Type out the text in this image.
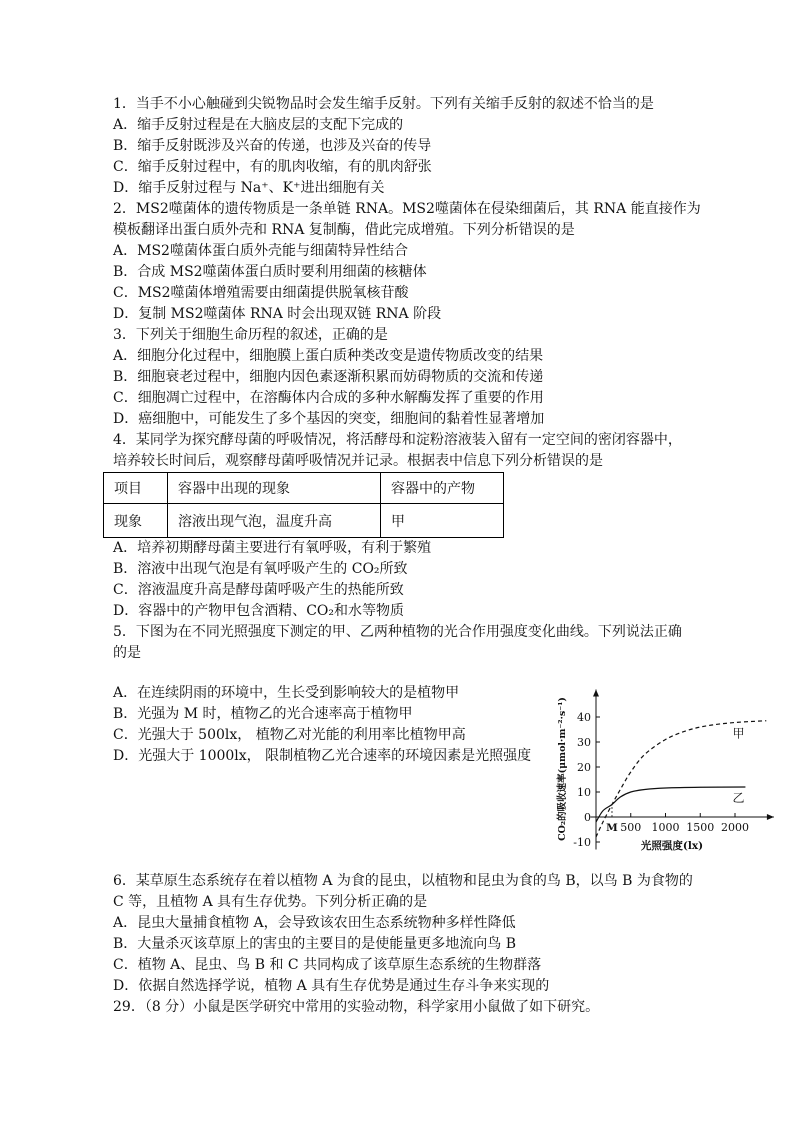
1．当手不小心触碰到尖锐物品时会发生缩手反射。下列有关缩手反射的叙述不恰当的是
A．缩手反射过程是在大脑皮层的支配下完成的
B．缩手反射既涉及兴奋的传递，也涉及兴奋的传导
C．缩手反射过程中，有的肌肉收缩，有的肌肉舒张
D．缩手反射过程与 Na⁺、K⁺进出细胞有关
2．MS2噬菌体的遗传物质是一条单链 RNA。MS2噬菌体在侵染细菌后，其 RNA 能直接作为
模板翻译出蛋白质外壳和 RNA 复制酶，借此完成增殖。下列分析错误的是
A．MS2噬菌体蛋白质外壳能与细菌特异性结合
B．合成 MS2噬菌体蛋白质时要利用细菌的核糖体
C．MS2噬菌体增殖需要由细菌提供脱氧核苷酸
D．复制 MS2噬菌体 RNA 时会出现双链 RNA 阶段
3．下列关于细胞生命历程的叙述，正确的是
A．细胞分化过程中，细胞膜上蛋白质种类改变是遗传物质改变的结果
B．细胞衰老过程中，细胞内因色素逐渐积累而妨碍物质的交流和传递
C．细胞凋亡过程中，在溶酶体内合成的多种水解酶发挥了重要的作用
D．癌细胞中，可能发生了多个基因的突变，细胞间的黏着性显著增加
4．某同学为探究酵母菌的呼吸情况，将活酵母和淀粉溶液装入留有一定空间的密闭容器中，
培养较长时间后，观察酵母菌呼吸情况并记录。根据表中信息下列分析错误的是
项目	容器中出现的现象	容器中的产物
现象	溶液出现气泡，温度升高	甲
A．培养初期酵母菌主要进行有氧呼吸，有利于繁殖
B．溶液中出现气泡是有氧呼吸产生的 CO₂所致
C．溶液温度升高是酵母菌呼吸产生的热能所致
D．容器中的产物甲包含酒精、CO₂和水等物质
5．下图为在不同光照强度下测定的甲、乙两种植物的光合作用强度变化曲线。下列说法正确
的是
A．在连续阴雨的环境中，生长受到影响较大的是植物甲
B．光强为 M 时，植物乙的光合速率高于植物甲
C．光强大于 500lx， 植物乙对光能的利用率比植物甲高
D．光强大于 1000lx， 限制植物乙光合速率的环境因素是光照强度
-10
0
10
20
30
40
500 1000 1500 2000
甲
乙
M
光照强度(lx)
CO₂的吸收速率(μmol·m⁻²·s⁻¹)
6．某草原生态系统存在着以植物 A 为食的昆虫，以植物和昆虫为食的鸟 B，以鸟 B 为食物的
C 等，且植物 A 具有生存优势。下列分析正确的是
A．昆虫大量捕食植物 A，会导致该农田生态系统物种多样性降低
B．大量杀灭该草原上的害虫的主要目的是使能量更多地流向鸟 B
C．植物 A、昆虫、鸟 B 和 C 共同构成了该草原生态系统的生物群落
D．依据自然选择学说，植物 A 具有生存优势是通过生存斗争来实现的
29．（8 分）小鼠是医学研究中常用的实验动物，科学家用小鼠做了如下研究。
